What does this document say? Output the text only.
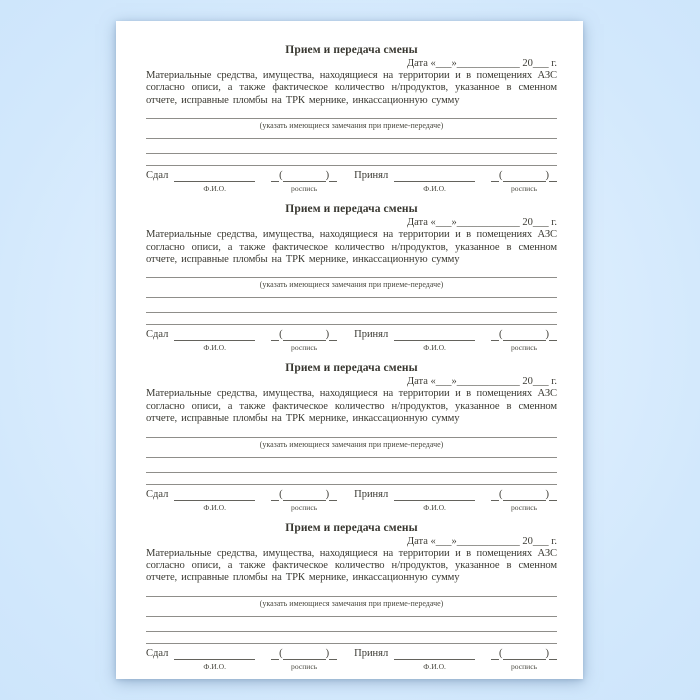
Прием и передача смены
Дата «___»____________ 20___ г.
Материальные средства, имущества, находящиеся на территории и в помещениях АЗС
согласно описи, а также фактическое количество н/продуктов, указанное в сменном
отчете, исправные пломбы на ТРК мернике, инкассационную сумму
(указать имеющиеся замечания при приеме-передаче)
Сдал
Ф.И.О.
(	)
роспись
Принял
Ф.И.О.
(	)
роспись
Прием и передача смены
Дата «___»____________ 20___ г.
Материальные средства, имущества, находящиеся на территории и в помещениях АЗС
согласно описи, а также фактическое количество н/продуктов, указанное в сменном
отчете, исправные пломбы на ТРК мернике, инкассационную сумму
(указать имеющиеся замечания при приеме-передаче)
Сдал
Ф.И.О.
(	)
роспись
Принял
Ф.И.О.
(	)
роспись
Прием и передача смены
Дата «___»____________ 20___ г.
Материальные средства, имущества, находящиеся на территории и в помещениях АЗС
согласно описи, а также фактическое количество н/продуктов, указанное в сменном
отчете, исправные пломбы на ТРК мернике, инкассационную сумму
(указать имеющиеся замечания при приеме-передаче)
Сдал
Ф.И.О.
(	)
роспись
Принял
Ф.И.О.
(	)
роспись
Прием и передача смены
Дата «___»____________ 20___ г.
Материальные средства, имущества, находящиеся на территории и в помещениях АЗС
согласно описи, а также фактическое количество н/продуктов, указанное в сменном
отчете, исправные пломбы на ТРК мернике, инкассационную сумму
(указать имеющиеся замечания при приеме-передаче)
Сдал
Ф.И.О.
(	)
роспись
Принял
Ф.И.О.
(	)
роспись
